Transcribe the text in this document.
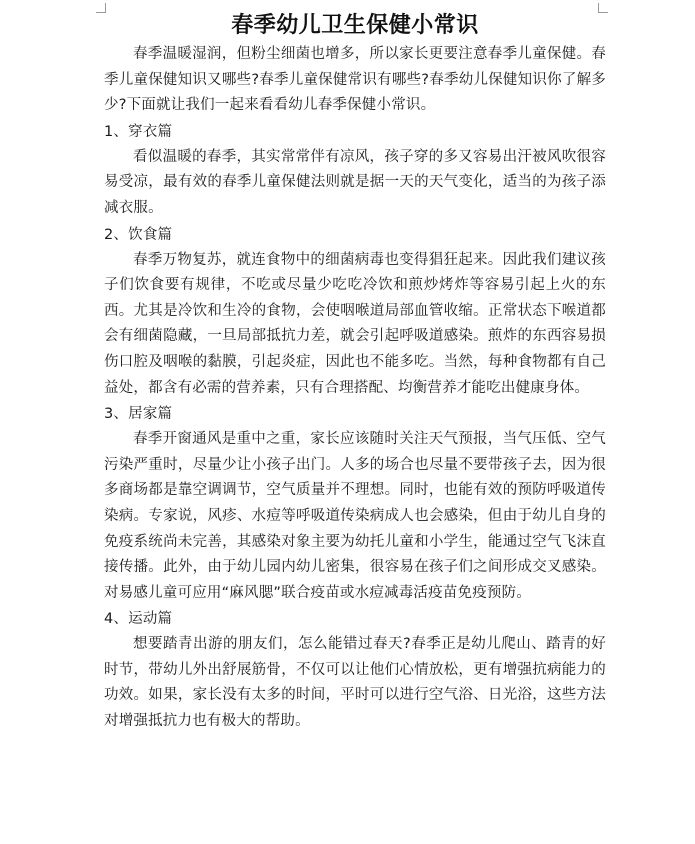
春季幼儿卫生保健小常识

春季温暖湿润，但粉尘细菌也增多，所以家长更要注意春季儿童保健。春季儿童保健知识又哪些?春季儿童保健常识有哪些?春季幼儿保健知识你了解多少?下面就让我们一起来看看幼儿春季保健小常识。

1、穿衣篇

看似温暖的春季，其实常常伴有凉风，孩子穿的多又容易出汗被风吹很容易受凉，最有效的春季儿童保健法则就是据一天的天气变化，适当的为孩子添减衣服。

2、饮食篇

春季万物复苏，就连食物中的细菌病毒也变得猖狂起来。因此我们建议孩子们饮食要有规律，不吃或尽量少吃吃冷饮和煎炒烤炸等容易引起上火的东西。尤其是冷饮和生冷的食物，会使咽喉道局部血管收缩。正常状态下喉道都会有细菌隐藏，一旦局部抵抗力差，就会引起呼吸道感染。煎炸的东西容易损伤口腔及咽喉的黏膜，引起炎症，因此也不能多吃。当然，每种食物都有自己益处，都含有必需的营养素，只有合理搭配、均衡营养才能吃出健康身体。

3、居家篇

春季开窗通风是重中之重，家长应该随时关注天气预报，当气压低、空气污染严重时，尽量少让小孩子出门。人多的场合也尽量不要带孩子去，因为很多商场都是靠空调调节，空气质量并不理想。同时，也能有效的预防呼吸道传染病。专家说，风疹、水痘等呼吸道传染病成人也会感染，但由于幼儿自身的免疫系统尚未完善，其感染对象主要为幼托儿童和小学生，能通过空气飞沫直接传播。此外，由于幼儿园内幼儿密集，很容易在孩子们之间形成交叉感染。对易感儿童可应用“麻风腮”联合疫苗或水痘减毒活疫苗免疫预防。

4、运动篇

想要踏青出游的朋友们，怎么能错过春天?春季正是幼儿爬山、踏青的好时节，带幼儿外出舒展筋骨，不仅可以让他们心情放松，更有增强抗病能力的功效。如果，家长没有太多的时间，平时可以进行空气浴、日光浴，这些方法对增强抵抗力也有极大的帮助。
